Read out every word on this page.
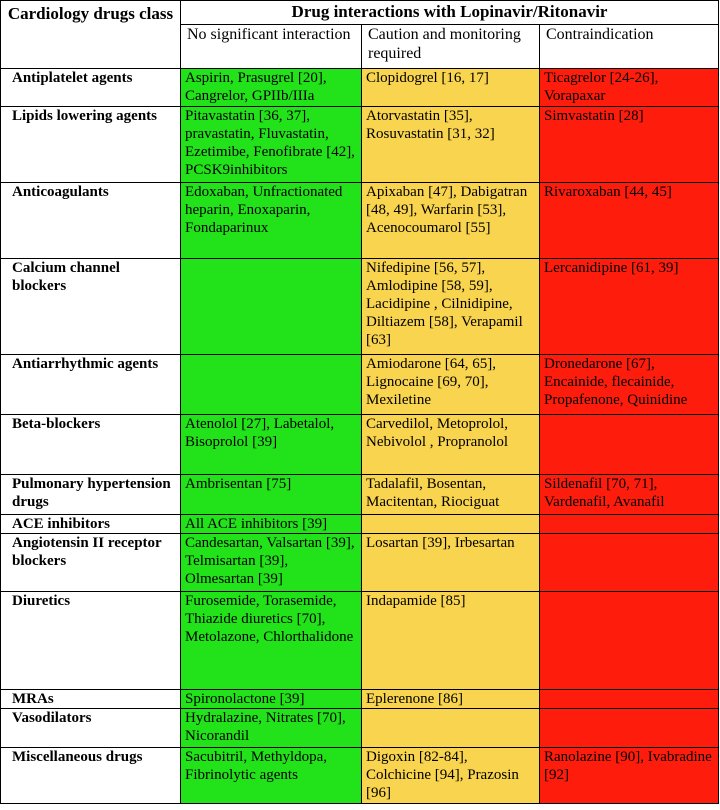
Cardiology drugs class	Drug interactions with Lopinavir/Ritonavir		
	No significant interaction	Caution and monitoring required	Contraindication
Antiplatelet agents	Aspirin, Prasugrel [20], Cangrelor, GPIIb/IIIa	Clopidogrel [16, 17]	Ticagrelor [24-26], Vorapaxar
Lipids lowering agents	Pitavastatin [36, 37], pravastatin, Fluvastatin, Ezetimibe, Fenofibrate [42], PCSK9inhibitors	Atorvastatin [35], Rosuvastatin [31, 32]	Simvastatin [28]
Anticoagulants	Edoxaban, Unfractionated heparin, Enoxaparin, Fondaparinux	Apixaban [47], Dabigatran [48, 49], Warfarin [53], Acenocoumarol [55]	Rivaroxaban [44, 45]
Calcium channel blockers		Nifedipine [56, 57], Amlodipine [58, 59], Lacidipine , Cilnidipine, Diltiazem [58], Verapamil [63]	Lercanidipine [61, 39]
Antiarrhythmic agents		Amiodarone [64, 65], Lignocaine [69, 70], Mexiletine	Dronedarone [67], Encainide, flecainide, Propafenone, Quinidine
Beta-blockers	Atenolol [27], Labetalol, Bisoprolol [39]	Carvedilol, Metoprolol, Nebivolol , Propranolol	
Pulmonary hypertension drugs	Ambrisentan [75]	Tadalafil, Bosentan, Macitentan, Riociguat	Sildenafil [70, 71], Vardenafil, Avanafil
ACE inhibitors	All ACE inhibitors [39]		
Angiotensin II receptor blockers	Candesartan, Valsartan [39], Telmisartan [39], Olmesartan [39]	Losartan [39], Irbesartan	
Diuretics	Furosemide, Torasemide, Thiazide diuretics [70], Metolazone, Chlorthalidone	Indapamide [85]	
MRAs	Spironolactone [39]	Eplerenone [86]	
Vasodilators	Hydralazine, Nitrates [70], Nicorandil		
Miscellaneous drugs	Sacubitril, Methyldopa, Fibrinolytic agents	Digoxin [82-84], Colchicine [94], Prazosin [96]	Ranolazine [90], Ivabradine [92]
